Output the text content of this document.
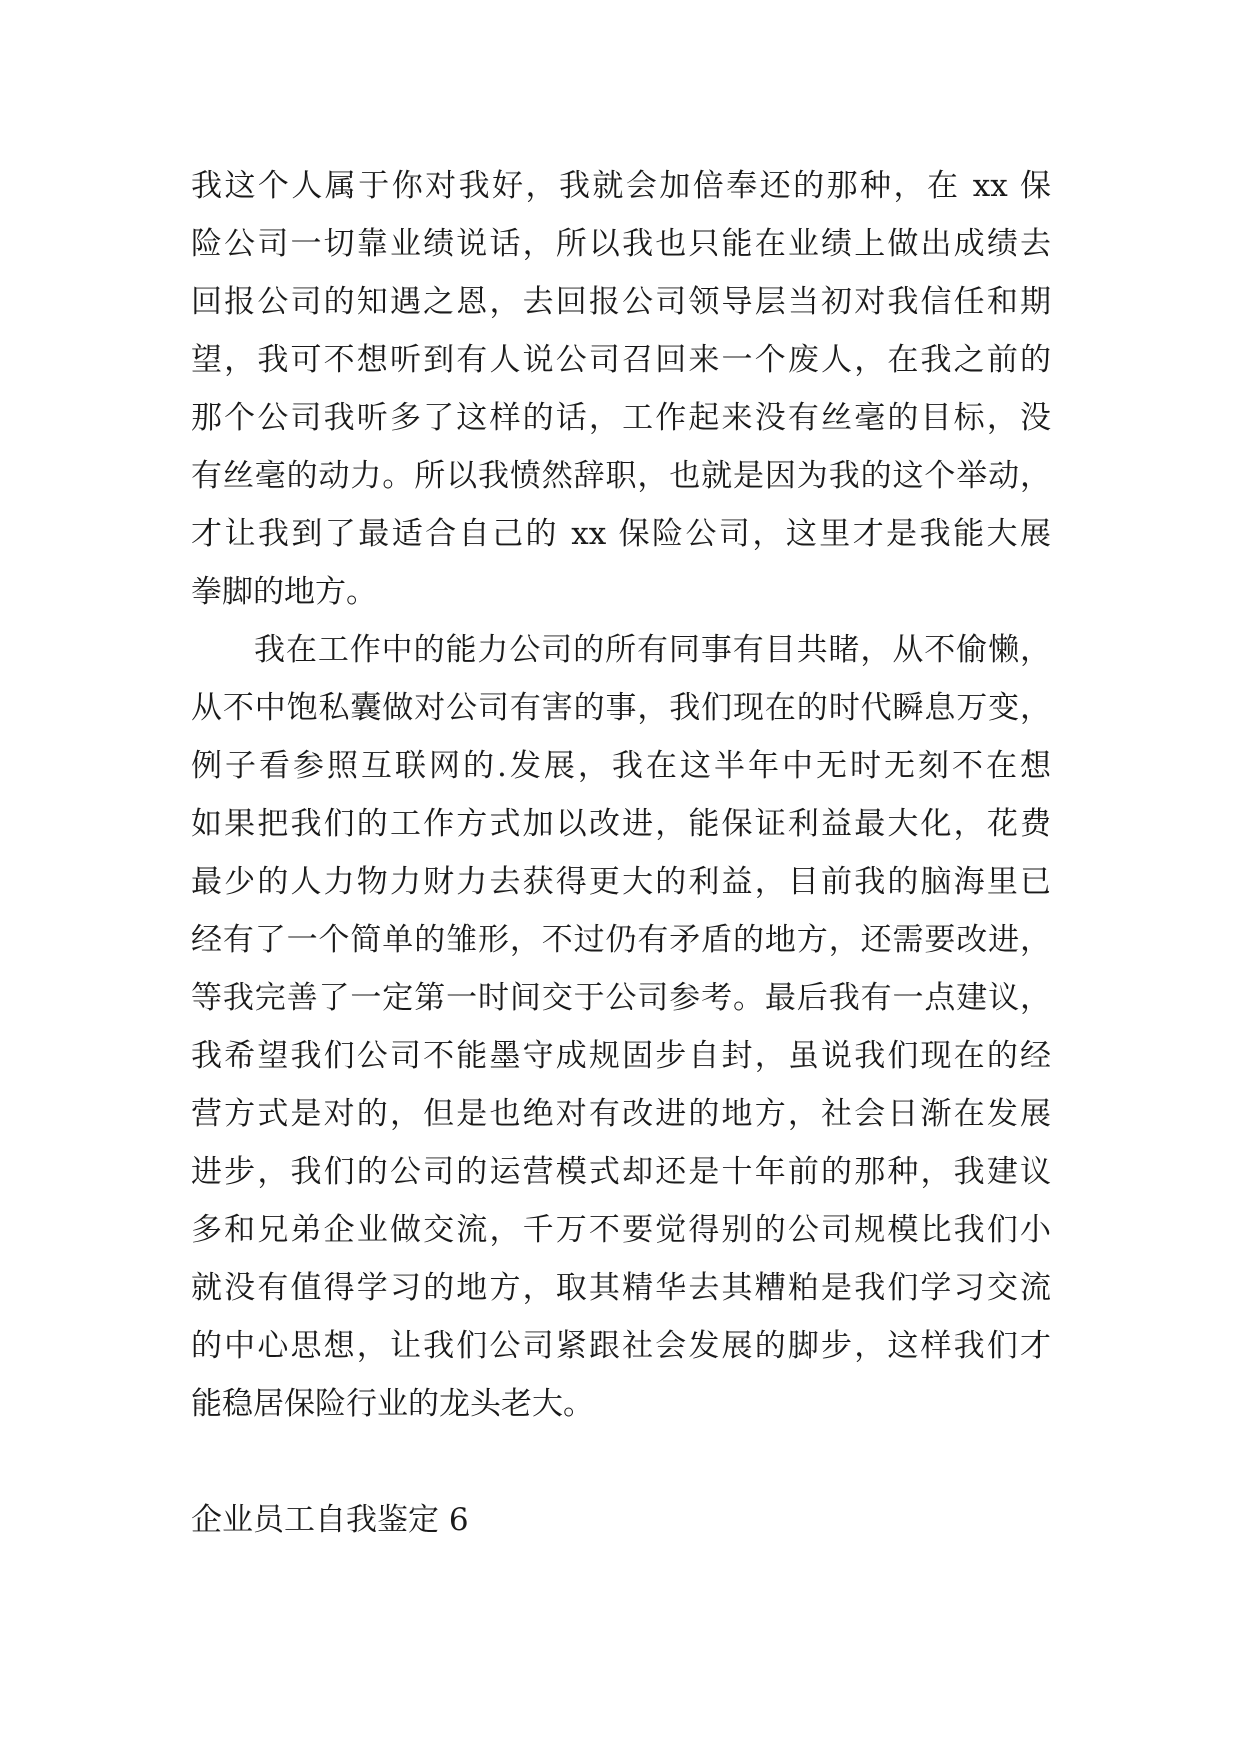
我这个人属于你对我好，我就会加倍奉还的那种，在 xx 保
险公司一切靠业绩说话，所以我也只能在业绩上做出成绩去
回报公司的知遇之恩，去回报公司领导层当初对我信任和期
望，我可不想听到有人说公司召回来一个废人，在我之前的
那个公司我听多了这样的话，工作起来没有丝毫的目标，没
有丝毫的动力。所以我愤然辞职，也就是因为我的这个举动，
才让我到了最适合自己的 xx 保险公司，这里才是我能大展
拳脚的地方。
我在工作中的能力公司的所有同事有目共睹，从不偷懒，
从不中饱私囊做对公司有害的事，我们现在的时代瞬息万变，
例子看参照互联网的.发展，我在这半年中无时无刻不在想
如果把我们的工作方式加以改进，能保证利益最大化，花费
最少的人力物力财力去获得更大的利益，目前我的脑海里已
经有了一个简单的雏形，不过仍有矛盾的地方，还需要改进，
等我完善了一定第一时间交于公司参考。最后我有一点建议，
我希望我们公司不能墨守成规固步自封，虽说我们现在的经
营方式是对的，但是也绝对有改进的地方，社会日渐在发展
进步，我们的公司的运营模式却还是十年前的那种，我建议
多和兄弟企业做交流，千万不要觉得别的公司规模比我们小
就没有值得学习的地方，取其精华去其糟粕是我们学习交流
的中心思想，让我们公司紧跟社会发展的脚步，这样我们才
能稳居保险行业的龙头老大。
企业员工自我鉴定 6
